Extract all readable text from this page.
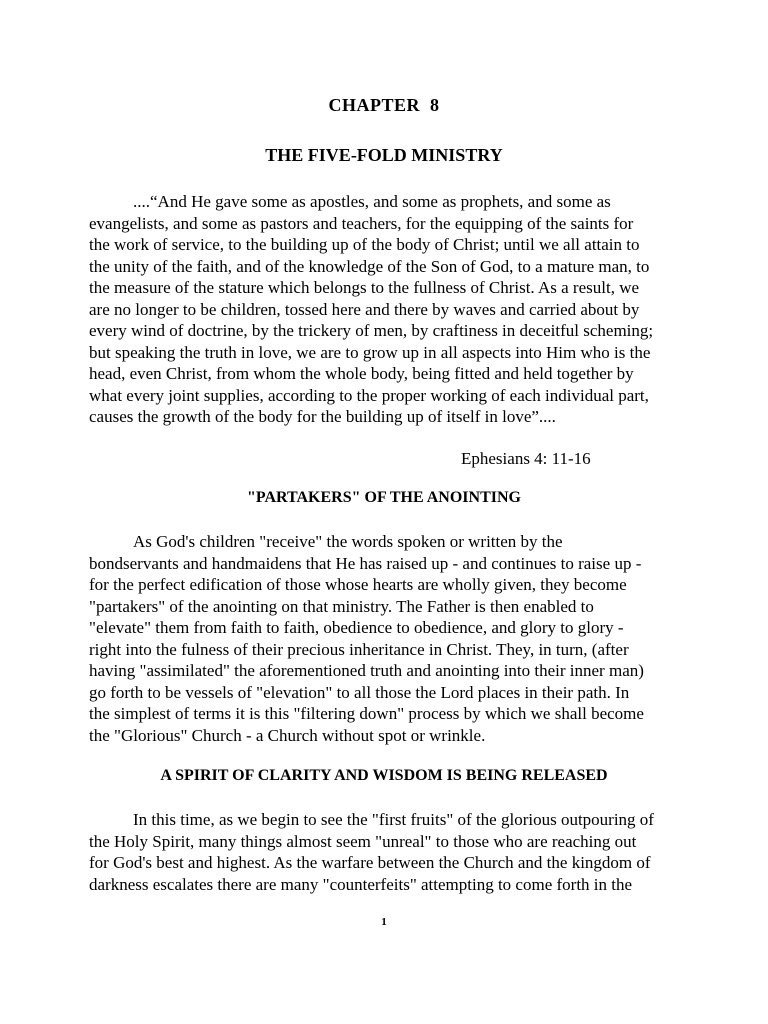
CHAPTER 8
THE FIVE-FOLD MINISTRY

....“And He gave some as apostles, and some as prophets, and some as
evangelists, and some as pastors and teachers, for the equipping of the saints for
the work of service, to the building up of the body of Christ; until we all attain to
the unity of the faith, and of the knowledge of the Son of God, to a mature man, to
the measure of the stature which belongs to the fullness of Christ. As a result, we
are no longer to be children, tossed here and there by waves and carried about by
every wind of doctrine, by the trickery of men, by craftiness in deceitful scheming;
but speaking the truth in love, we are to grow up in all aspects into Him who is the
head, even Christ, from whom the whole body, being fitted and held together by
what every joint supplies, according to the proper working of each individual part,
causes the growth of the body for the building up of itself in love”....

Ephesians 4: 11-16

"PARTAKERS" OF THE ANOINTING

As God's children "receive" the words spoken or written by the
bondservants and handmaidens that He has raised up - and continues to raise up -
for the perfect edification of those whose hearts are wholly given, they become
"partakers" of the anointing on that ministry. The Father is then enabled to
"elevate" them from faith to faith, obedience to obedience, and glory to glory -
right into the fulness of their precious inheritance in Christ. They, in turn, (after
having "assimilated" the aforementioned truth and anointing into their inner man)
go forth to be vessels of "elevation" to all those the Lord places in their path. In
the simplest of terms it is this "filtering down" process by which we shall become
the "Glorious" Church - a Church without spot or wrinkle.

A SPIRIT OF CLARITY AND WISDOM IS BEING RELEASED

In this time, as we begin to see the "first fruits" of the glorious outpouring of
the Holy Spirit, many things almost seem "unreal" to those who are reaching out
for God's best and highest. As the warfare between the Church and the kingdom of
darkness escalates there are many "counterfeits" attempting to come forth in the

1
